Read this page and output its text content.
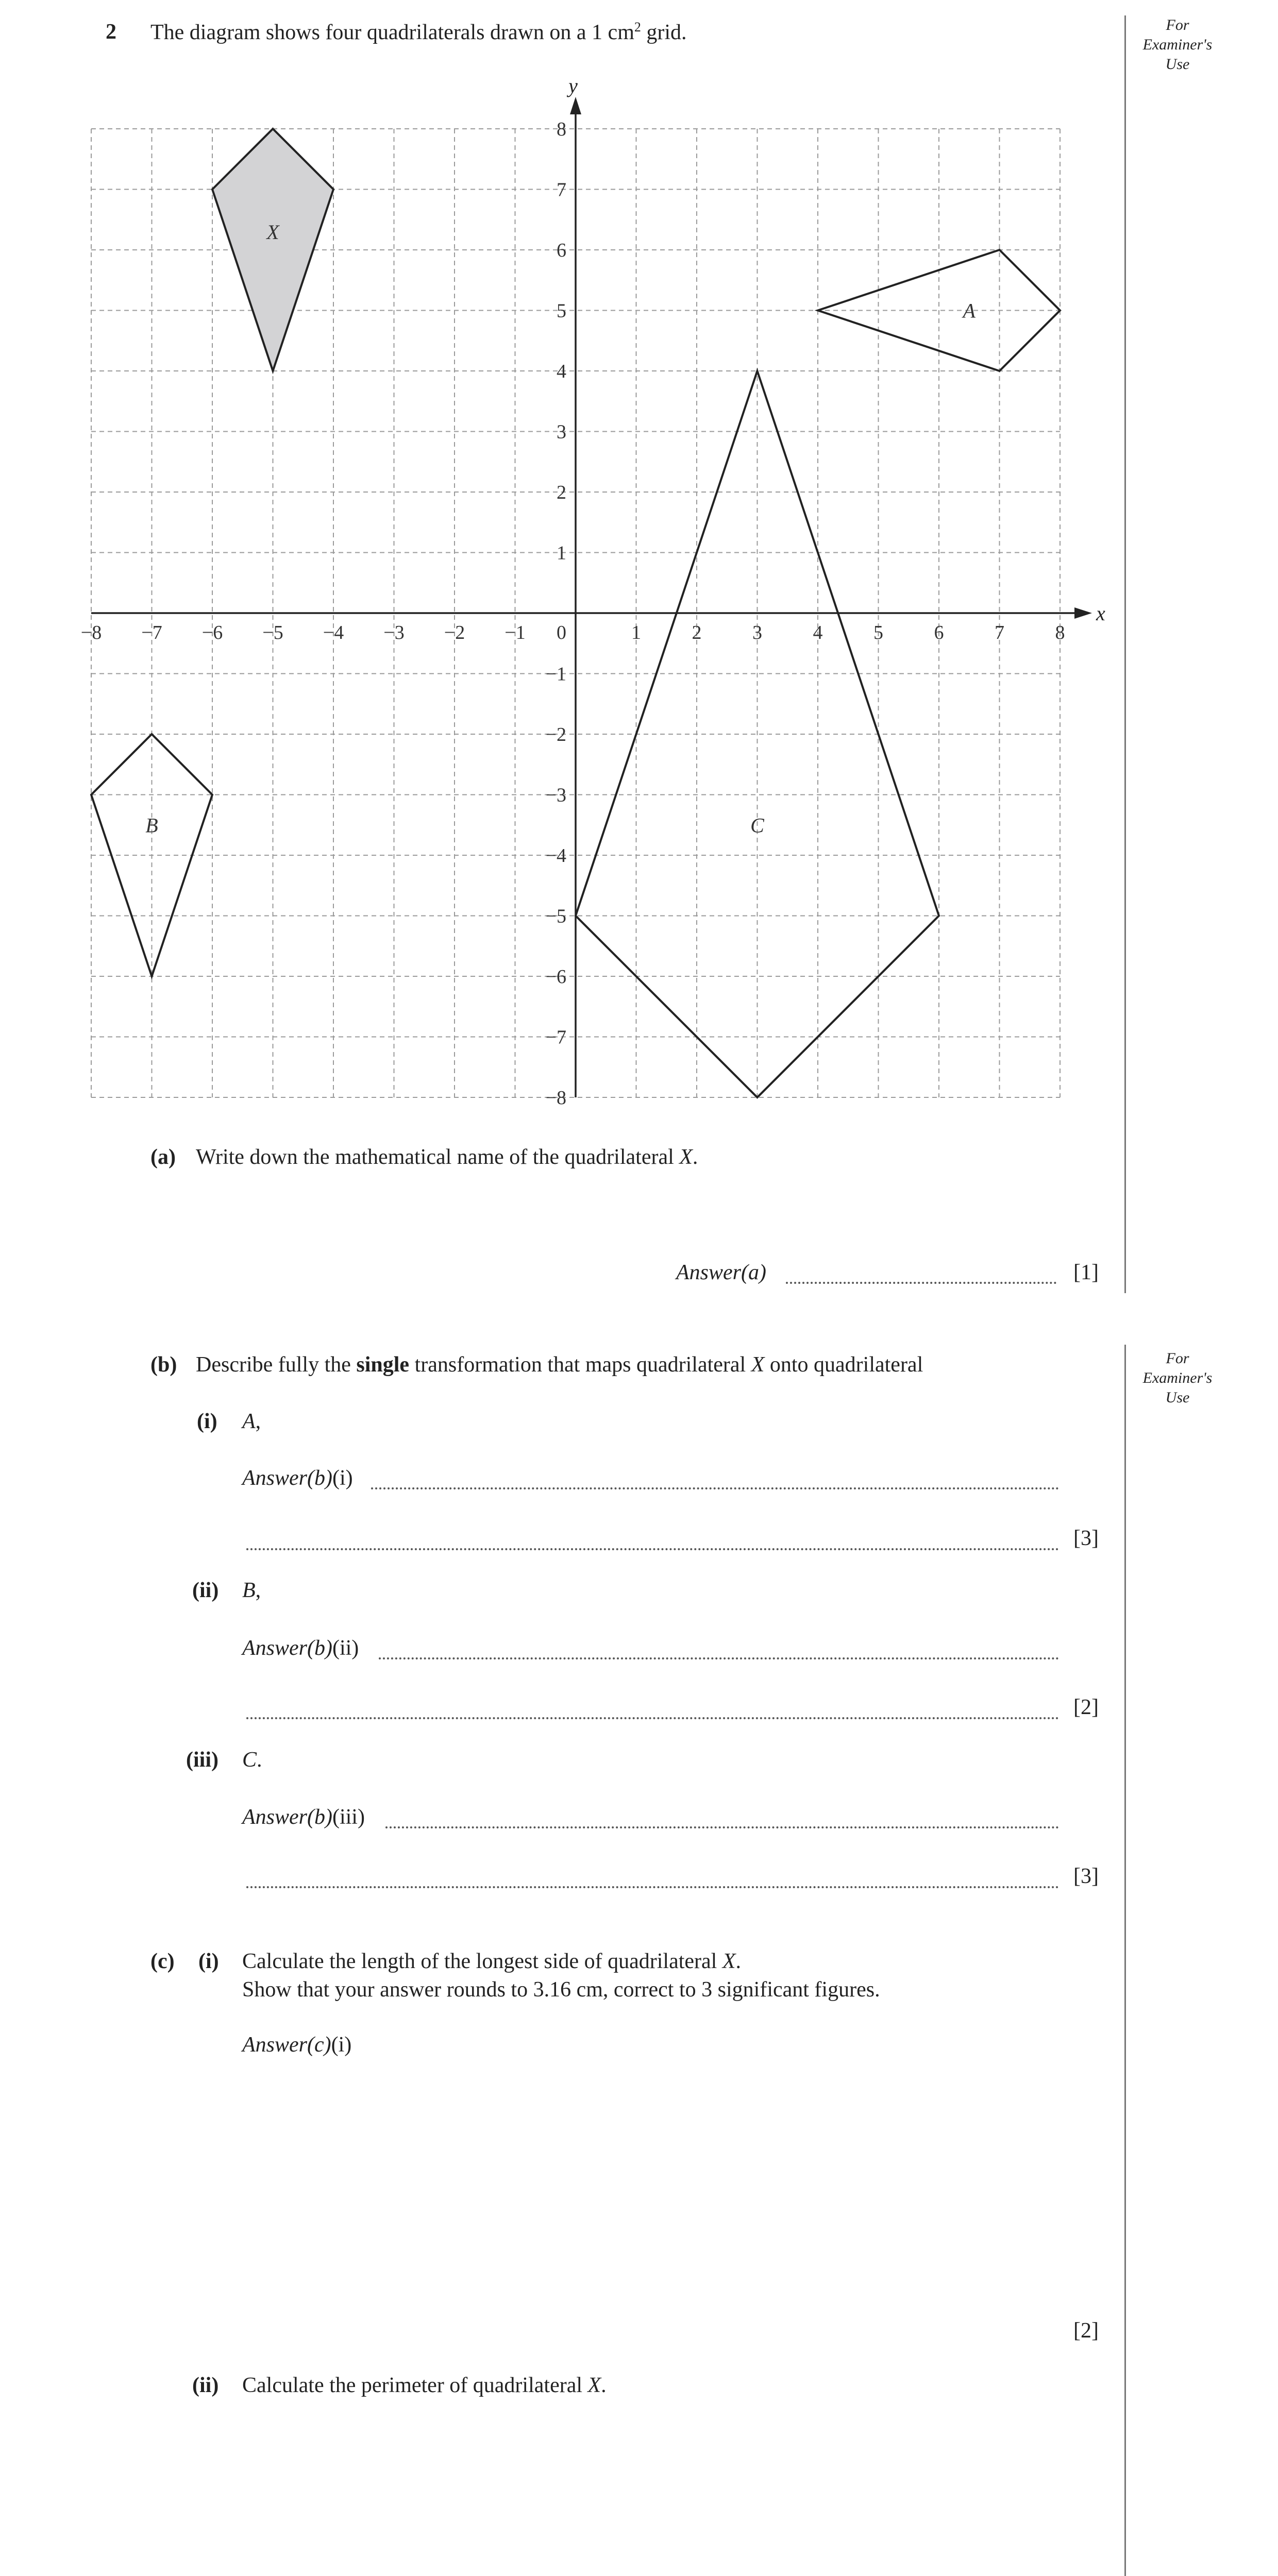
For
Examiner's
Use
For
Examiner's
Use
2 The diagram shows four quadrilaterals drawn on a 1 $cm^2$ grid.
x
y
−8 −7 −6 −5 −4 −3 −2 −1	1	2	3	4	5	6	7	8
8
7
6
5
4
3
2
1
−1
−2
−3
−4
−5
−6
−7
−8
0
X
A
B	C
(a) Write down the mathematical name of the quadrilateral X.
Answer(a)	[1]
(b) Describe fully the single transformation that maps quadrilateral X onto quadrilateral
(i) A,
Answer(b)(i)
[3]
(ii) B,
Answer(b)(ii)
[2]
(iii) C.
Answer(b)(iii)
[3]
(c) (i) Calculate the length of the longest side of quadrilateral X.
Show that your answer rounds to 3.16 cm, correct to 3 significant figures.
Answer(c)(i)
[2]
(ii) Calculate the perimeter of quadrilateral X.
